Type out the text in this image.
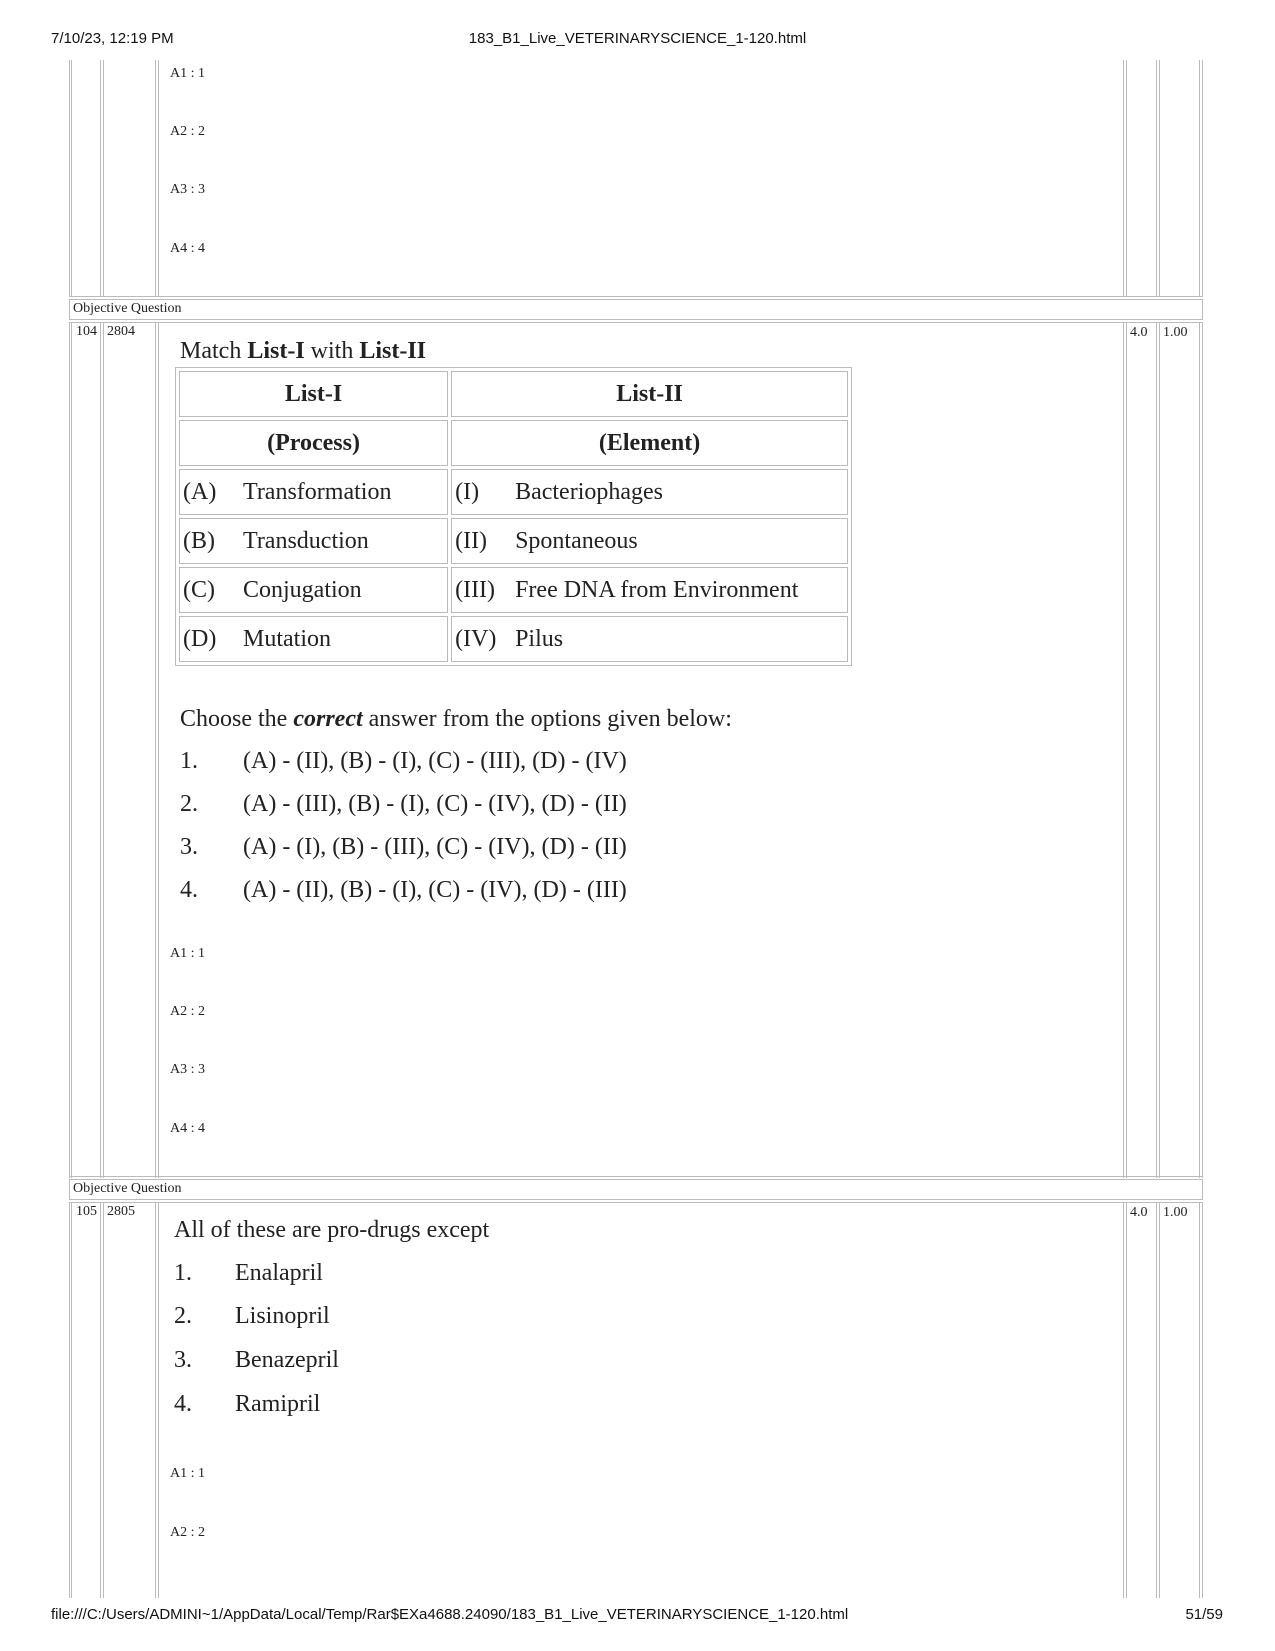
7/10/23, 12:19 PM	183_B1_Live_VETERINARYSCIENCE_1-120.html
A1 : 1
A2 : 2
A3 : 3
A4 : 4
Objective Question
104 2804	4.0 1.00
Match List-I with List-II
List-I	List-II
(Process)	(Element)
(A) Transformation	(I) Bacteriophages
(B) Transduction	(II) Spontaneous
(C) Conjugation	(III) Free DNA from Environment
(D) Mutation	(IV) Pilus
Choose the correct answer from the options given below:
1. (A) - (II), (B) - (I), (C) - (III), (D) - (IV)
2. (A) - (III), (B) - (I), (C) - (IV), (D) - (II)
3. (A) - (I), (B) - (III), (C) - (IV), (D) - (II)
4. (A) - (II), (B) - (I), (C) - (IV), (D) - (III)
A1 : 1
A2 : 2
A3 : 3
A4 : 4
Objective Question
105 2805	4.0 1.00
All of these are pro-drugs except
1. Enalapril
2. Lisinopril
3. Benazepril
4. Ramipril
A1 : 1
A2 : 2
file:///C:/Users/ADMINI~1/AppData/Local/Temp/Rar$EXa4688.24090/183_B1_Live_VETERINARYSCIENCE_1-120.html	51/59
